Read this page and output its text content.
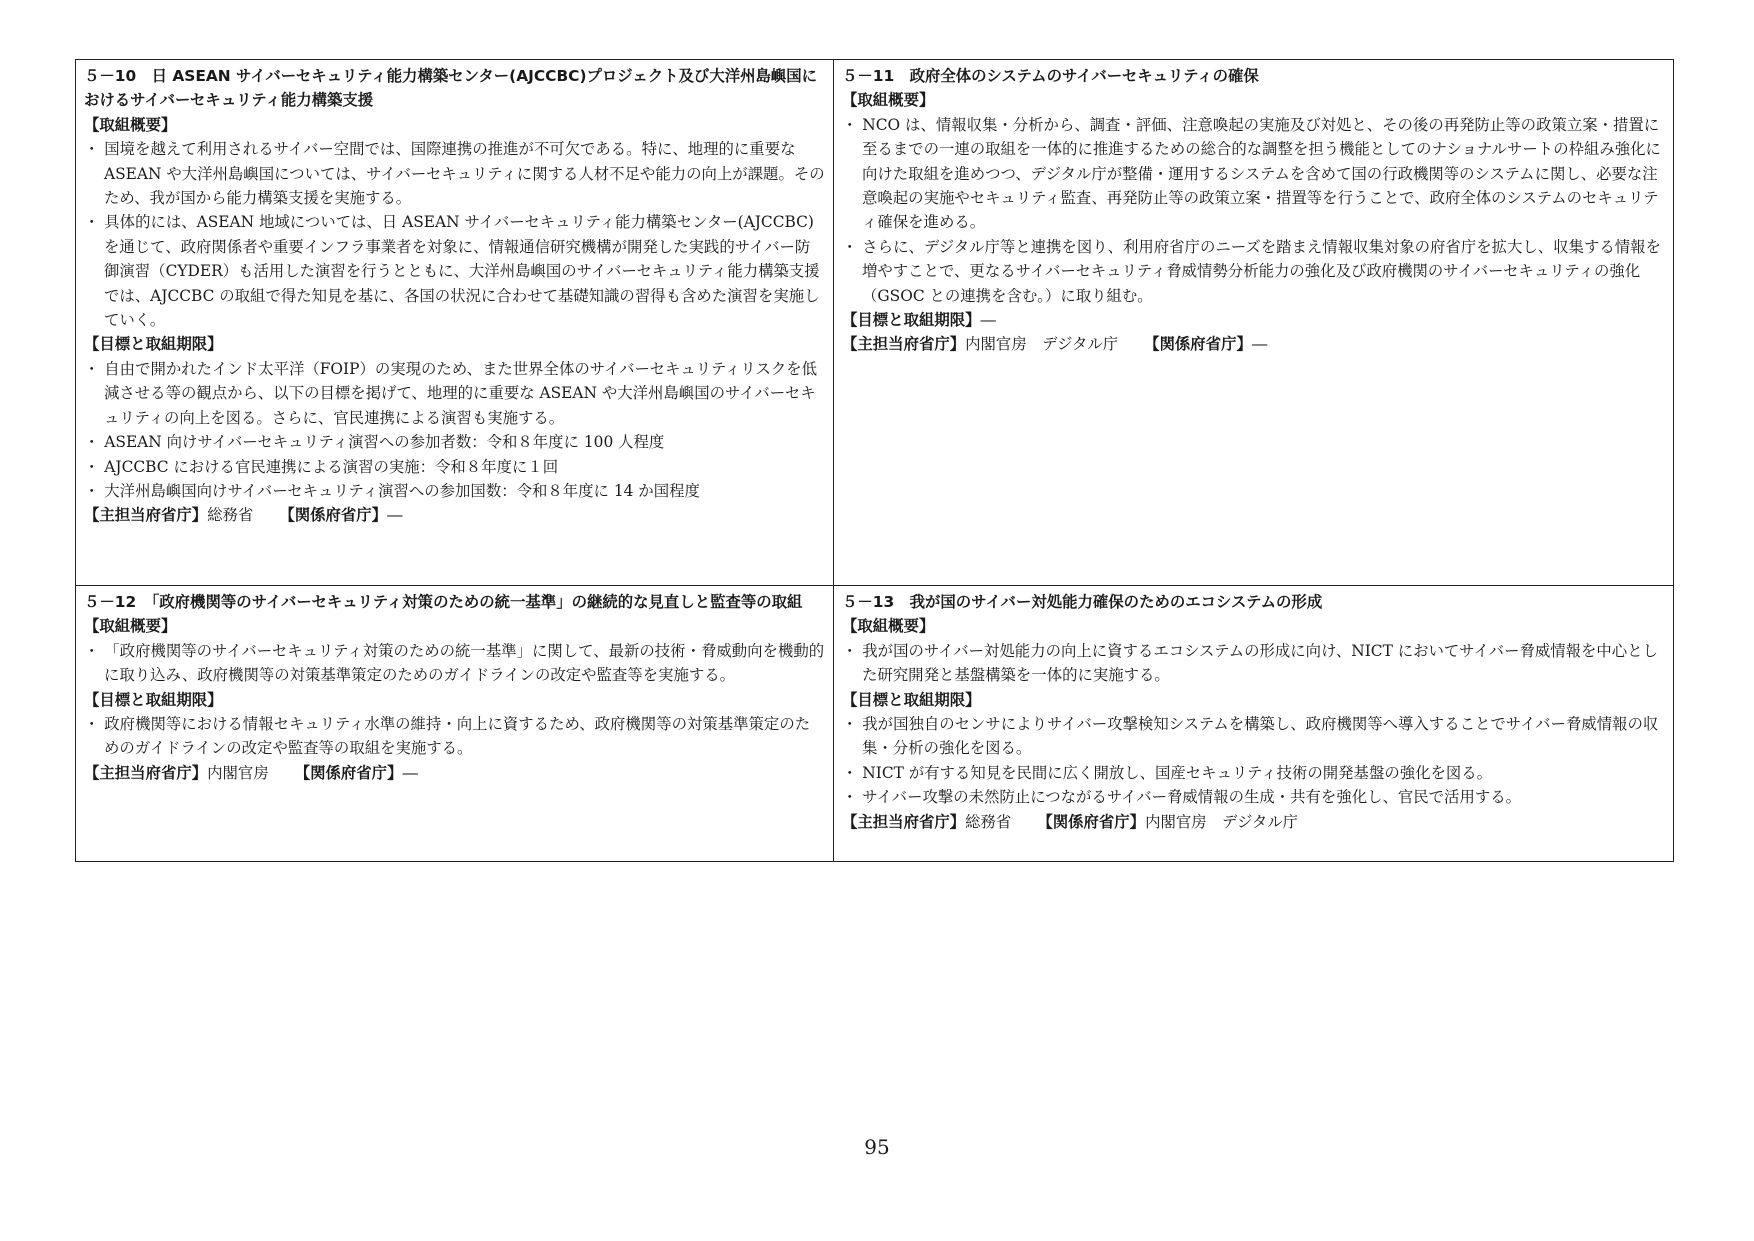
５－10　日 ASEAN サイバーセキュリティ能力構築センター(AJCCBC)プロジェクト及び大洋州島嶼国におけるサイバーセキュリティ能力構築支援
【取組概要】
・ 国境を越えて利用されるサイバー空間では、国際連携の推進が不可欠である。特に、地理的に重要な ASEAN や大洋州島嶼国については、サイバーセキュリティに関する人材不足や能力の向上が課題。そのため、我が国から能力構築支援を実施する。
・ 具体的には、ASEAN 地域については、日 ASEAN サイバーセキュリティ能力構築センター(AJCCBC)を通じて、政府関係者や重要インフラ事業者を対象に、情報通信研究機構が開発した実践的サイバー防御演習（CYDER）も活用した演習を行うとともに、大洋州島嶼国のサイバーセキュリティ能力構築支援では、AJCCBC の取組で得た知見を基に、各国の状況に合わせて基礎知識の習得も含めた演習を実施していく。
【目標と取組期限】
・ 自由で開かれたインド太平洋（FOIP）の実現のため、また世界全体のサイバーセキュリティリスクを低減させる等の観点から、以下の目標を掲げて、地理的に重要な ASEAN や大洋州島嶼国のサイバーセキュリティの向上を図る。さらに、官民連携による演習も実施する。
・ ASEAN 向けサイバーセキュリティ演習への参加者数：令和８年度に 100 人程度
・ AJCCBC における官民連携による演習の実施：令和８年度に１回
・ 大洋州島嶼国向けサイバーセキュリティ演習への参加国数：令和８年度に 14 か国程度
【主担当府省庁】総務省 【関係府省庁】―
５－11　政府全体のシステムのサイバーセキュリティの確保
【取組概要】
・ NCO は、情報収集・分析から、調査・評価、注意喚起の実施及び対処と、その後の再発防止等の政策立案・措置に至るまでの一連の取組を一体的に推進するための総合的な調整を担う機能としてのナショナルサートの枠組み強化に向けた取組を進めつつ、デジタル庁が整備・運用するシステムを含めて国の行政機関等のシステムに関し、必要な注意喚起の実施やセキュリティ監査、再発防止等の政策立案・措置等を行うことで、政府全体のシステムのセキュリティ確保を進める。
・ さらに、デジタル庁等と連携を図り、利用府省庁のニーズを踏まえ情報収集対象の府省庁を拡大し、収集する情報を増やすことで、更なるサイバーセキュリティ脅威情勢分析能力の強化及び政府機関のサイバーセキュリティの強化（GSOC との連携を含む。）に取り組む。
【目標と取組期限】―
【主担当府省庁】内閣官房　デジタル庁 【関係府省庁】―
５－12　「政府機関等のサイバーセキュリティ対策のための統一基準」の継続的な見直しと監査等の取組
【取組概要】
・ 「政府機関等のサイバーセキュリティ対策のための統一基準」に関して、最新の技術・脅威動向を機動的に取り込み、政府機関等の対策基準策定のためのガイドラインの改定や監査等を実施する。
【目標と取組期限】
・ 政府機関等における情報セキュリティ水準の維持・向上に資するため、政府機関等の対策基準策定のためのガイドラインの改定や監査等の取組を実施する。
【主担当府省庁】内閣官房 【関係府省庁】―
５－13　我が国のサイバー対処能力確保のためのエコシステムの形成
【取組概要】
・ 我が国のサイバー対処能力の向上に資するエコシステムの形成に向け、NICT においてサイバー脅威情報を中心とした研究開発と基盤構築を一体的に実施する。
【目標と取組期限】
・ 我が国独自のセンサによりサイバー攻撃検知システムを構築し、政府機関等へ導入することでサイバー脅威情報の収集・分析の強化を図る。
・ NICT が有する知見を民間に広く開放し、国産セキュリティ技術の開発基盤の強化を図る。
・ サイバー攻撃の未然防止につながるサイバー脅威情報の生成・共有を強化し、官民で活用する。
【主担当府省庁】総務省 【関係府省庁】内閣官房　デジタル庁
95
